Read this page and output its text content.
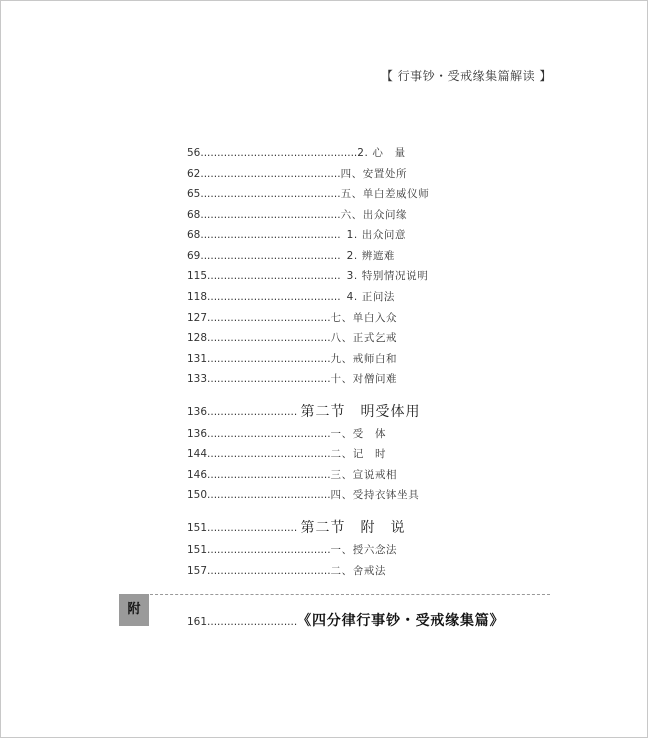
【 行事钞・受戒缘集篇解读 】
56...............................................2. 心　量
62..........................................四、安置处所
65..........................................五、单白差威仪师
68..........................................六、出众问缘
68.......................................... 1. 出众问意
69.......................................... 2. 辨遮难
115........................................ 3. 特别情况说明
118........................................ 4. 正问法
127.....................................七、单白入众
128.....................................八、正式乞戒
131.....................................九、戒师白和
133.....................................十、对僧问难
136........................... 第二节　明受体用
136.....................................一、受　体
144.....................................二、记　时
146.....................................三、宣说戒相
150.....................................四、受持衣钵坐具
151........................... 第二节　附　说
151.....................................一、授六念法
157.....................................二、舍戒法
附
161...........................《四分律行事钞・受戒缘集篇》
